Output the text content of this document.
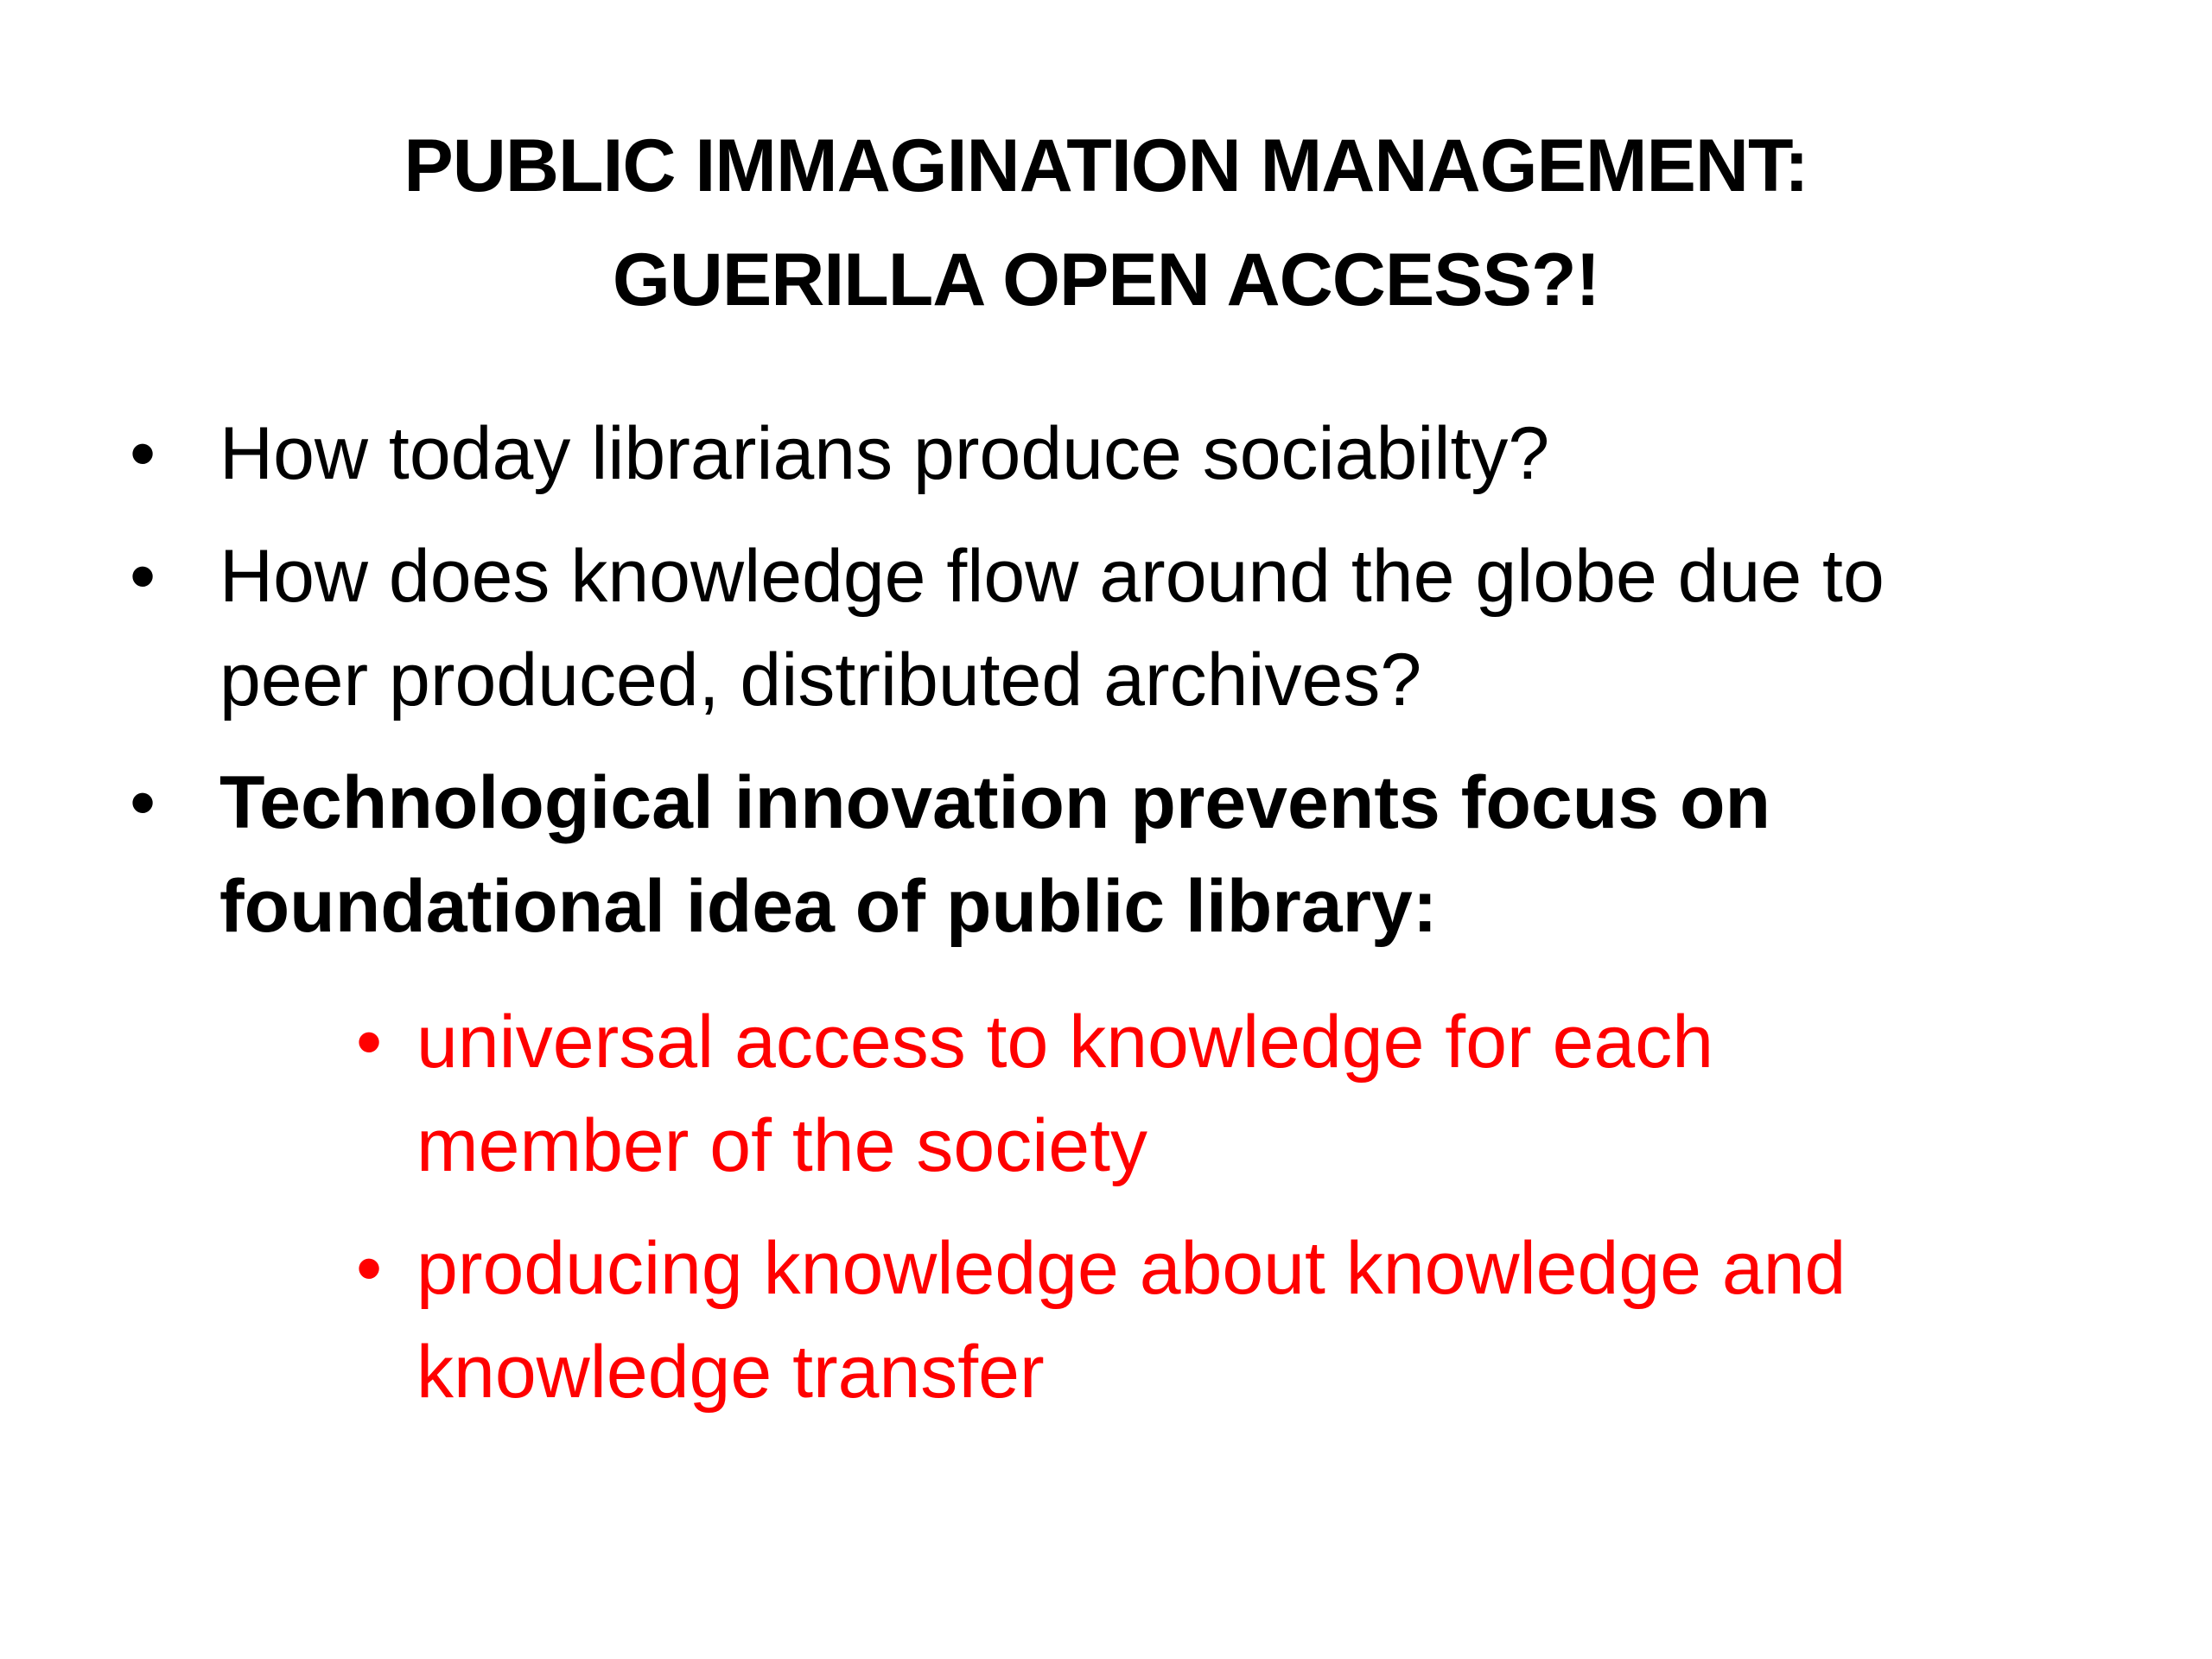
PUBLIC IMMAGINATION MANAGEMENT:
GUERILLA OPEN ACCESS?!
• How today librarians produce sociabilty?
• How does knowledge flow around the globe due to
peer produced, distributed archives?
• Technological innovation prevents focus on
foundational idea of public library:
• universal access to knowledge for each
member of the society
• producing knowledge about knowledge and
knowledge transfer
